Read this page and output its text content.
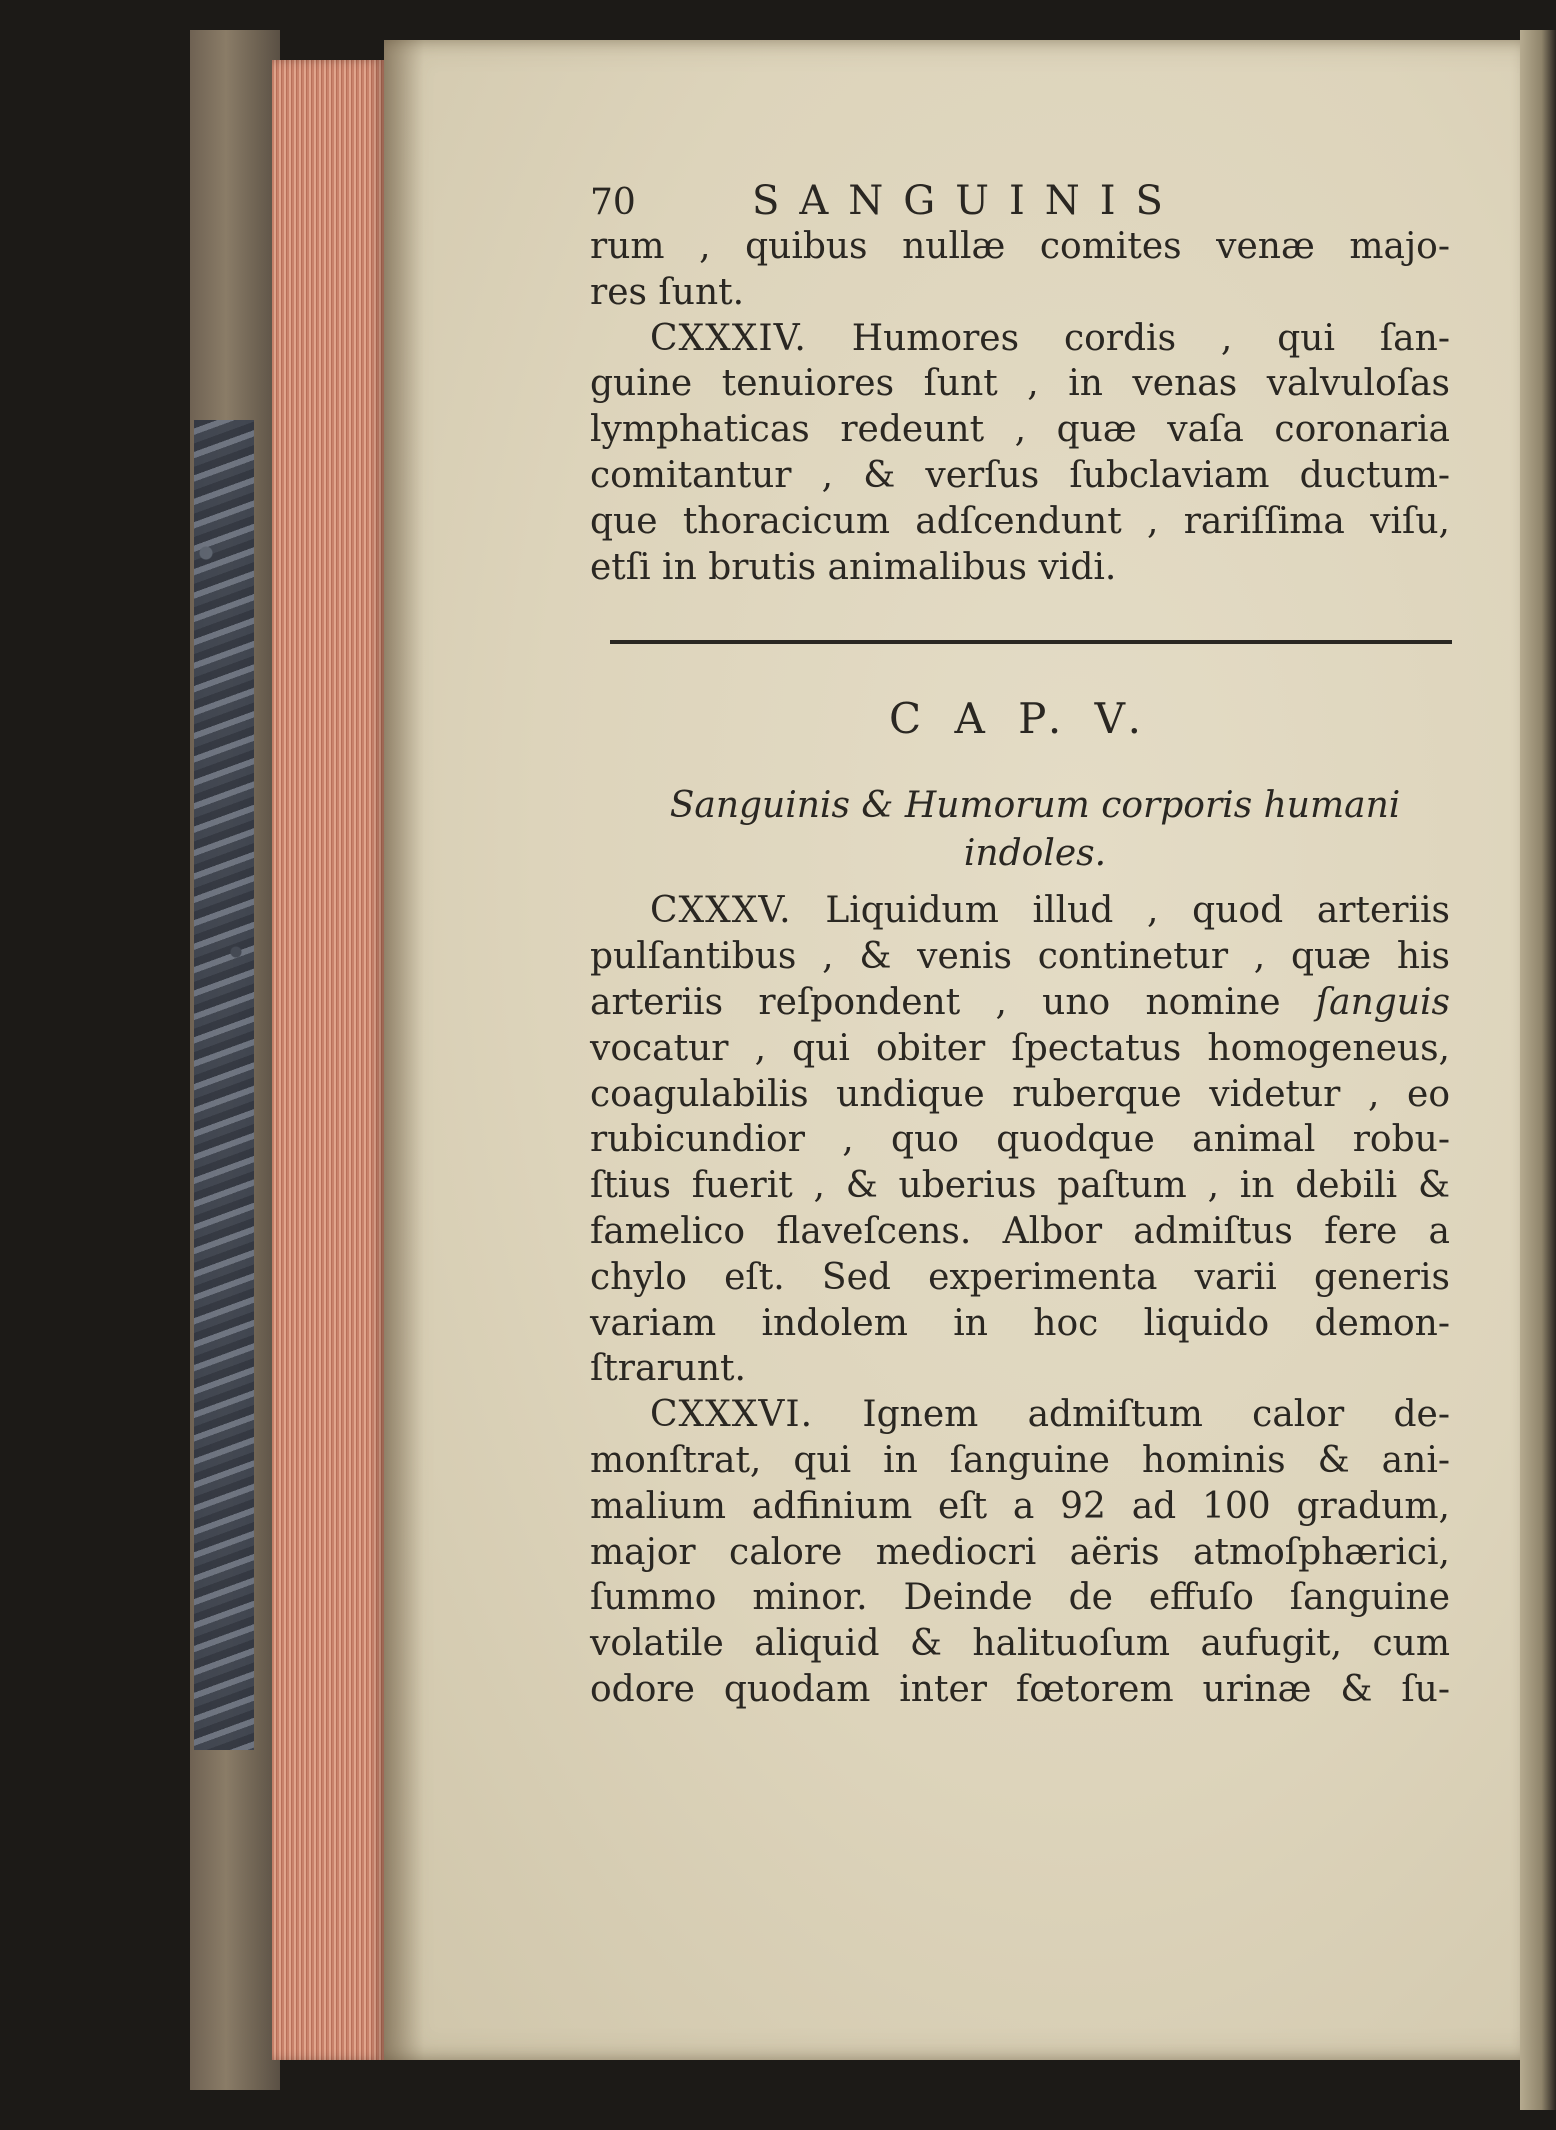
70	SANGUINIS
rum , quibus nullæ comites venæ majo-
res ſunt.
CXXXIV. Humores cordis , qui ſan-
guine tenuiores ſunt , in venas valvuloſas
lymphaticas redeunt , quæ vaſa coronaria
comitantur , & verſus ſubclaviam ductum-
que thoracicum adſcendunt , rariſſima viſu,
etſi in brutis animalibus vidi.
C A P. V.
Sanguinis & Humorum corporis humani
indoles.
CXXXV. Liquidum illud , quod arteriis
pulſantibus , & venis continetur , quæ his
arteriis reſpondent , uno nomine ſanguis
vocatur , qui obiter ſpectatus homogeneus,
coagulabilis undique ruberque videtur , eo
rubicundior , quo quodque animal robu-
ſtius fuerit , & uberius paſtum , in debili &
famelico flaveſcens. Albor admiſtus fere a
chylo eſt. Sed experimenta varii generis
variam indolem in hoc liquido demon-
ſtrarunt.
CXXXVI. Ignem admiſtum calor de-
monſtrat, qui in ſanguine hominis & ani-
malium adfinium eſt a 92 ad 100 gradum,
major calore mediocri aëris atmoſphærici,
ſummo minor. Deinde de effuſo ſanguine
volatile aliquid & halituoſum aufugit, cum
odore quodam inter fœtorem urinæ & ſu-
